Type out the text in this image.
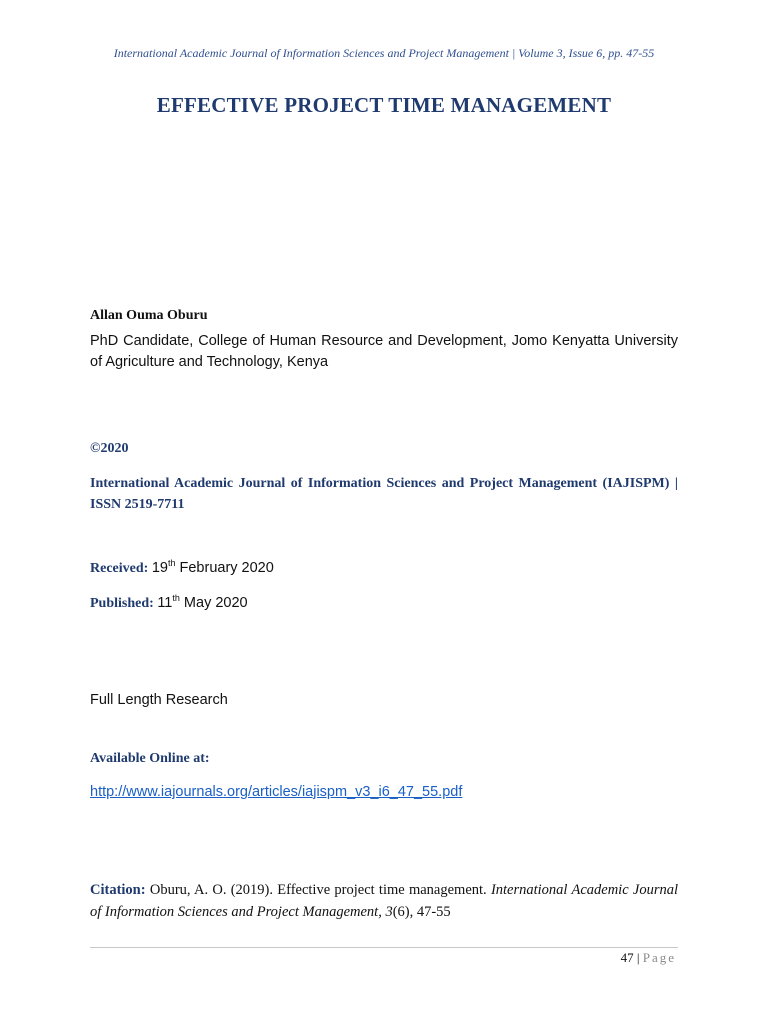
International Academic Journal of Information Sciences and Project Management | Volume 3, Issue 6, pp. 47-55
EFFECTIVE PROJECT TIME MANAGEMENT
Allan Ouma Oburu
PhD Candidate, College of Human Resource and Development, Jomo Kenyatta University of Agriculture and Technology, Kenya
©2020
International Academic Journal of Information Sciences and Project Management (IAJISPM) | ISSN 2519-7711
Received: 19th February 2020
Published: 11th May 2020
Full Length Research
Available Online at:
http://www.iajournals.org/articles/iajispm_v3_i6_47_55.pdf
Citation: Oburu, A. O. (2019). Effective project time management. International Academic Journal of Information Sciences and Project Management, 3(6), 47-55
47 | Page
